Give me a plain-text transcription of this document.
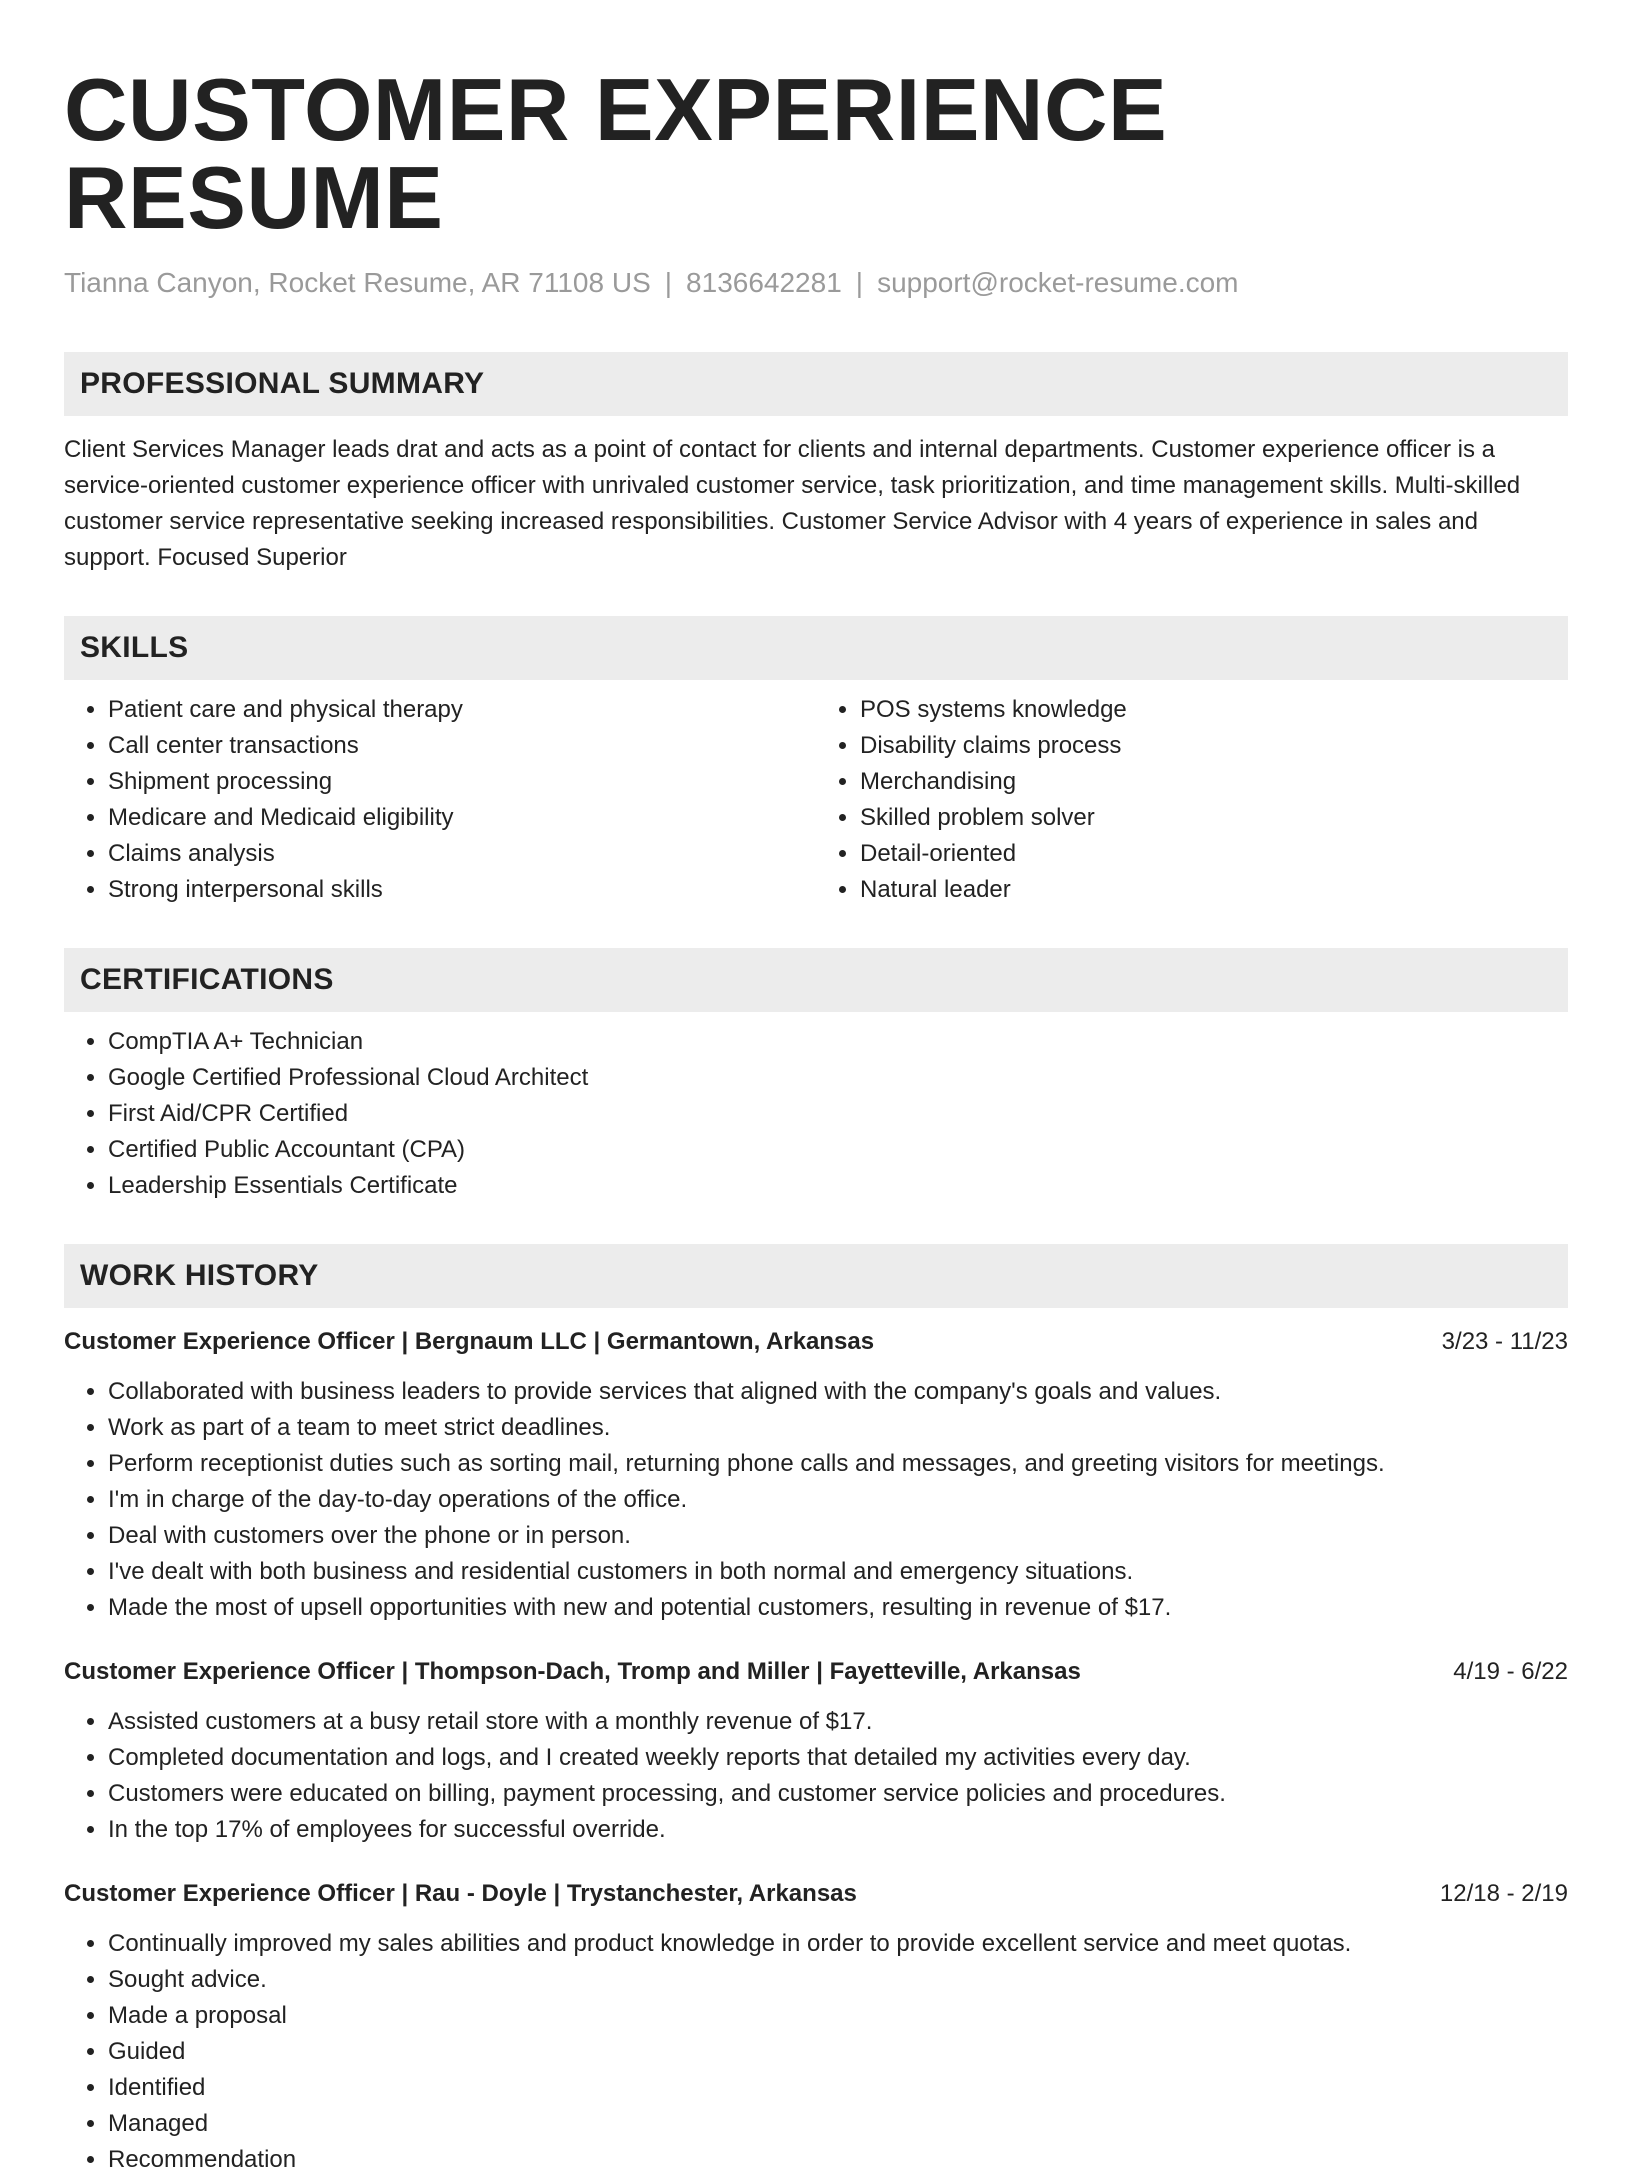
CUSTOMER EXPERIENCE RESUME
Tianna Canyon, Rocket Resume, AR 71108 US | 8136642281 | support@rocket-resume.com
PROFESSIONAL SUMMARY
Client Services Manager leads drat and acts as a point of contact for clients and internal departments. Customer experience officer is a service-oriented customer experience officer with unrivaled customer service, task prioritization, and time management skills. Multi-skilled customer service representative seeking increased responsibilities. Customer Service Advisor with 4 years of experience in sales and support. Focused Superior
SKILLS
• Patient care and physical therapy
• Call center transactions
• Shipment processing
• Medicare and Medicaid eligibility
• Claims analysis
• Strong interpersonal skills
• POS systems knowledge
• Disability claims process
• Merchandising
• Skilled problem solver
• Detail-oriented
• Natural leader
CERTIFICATIONS
• CompTIA A+ Technician
• Google Certified Professional Cloud Architect
• First Aid/CPR Certified
• Certified Public Accountant (CPA)
• Leadership Essentials Certificate
WORK HISTORY
Customer Experience Officer | Bergnaum LLC | Germantown, Arkansas	3/23 - 11/23
• Collaborated with business leaders to provide services that aligned with the company's goals and values.
• Work as part of a team to meet strict deadlines.
• Perform receptionist duties such as sorting mail, returning phone calls and messages, and greeting visitors for meetings.
• I'm in charge of the day-to-day operations of the office.
• Deal with customers over the phone or in person.
• I've dealt with both business and residential customers in both normal and emergency situations.
• Made the most of upsell opportunities with new and potential customers, resulting in revenue of $17.
Customer Experience Officer | Thompson-Dach, Tromp and Miller | Fayetteville, Arkansas	4/19 - 6/22
• Assisted customers at a busy retail store with a monthly revenue of $17.
• Completed documentation and logs, and I created weekly reports that detailed my activities every day.
• Customers were educated on billing, payment processing, and customer service policies and procedures.
• In the top 17% of employees for successful override.
Customer Experience Officer | Rau - Doyle | Trystanchester, Arkansas	12/18 - 2/19
• Continually improved my sales abilities and product knowledge in order to provide excellent service and meet quotas.
• Sought advice.
• Made a proposal
• Guided
• Identified
• Managed
• Recommendation
